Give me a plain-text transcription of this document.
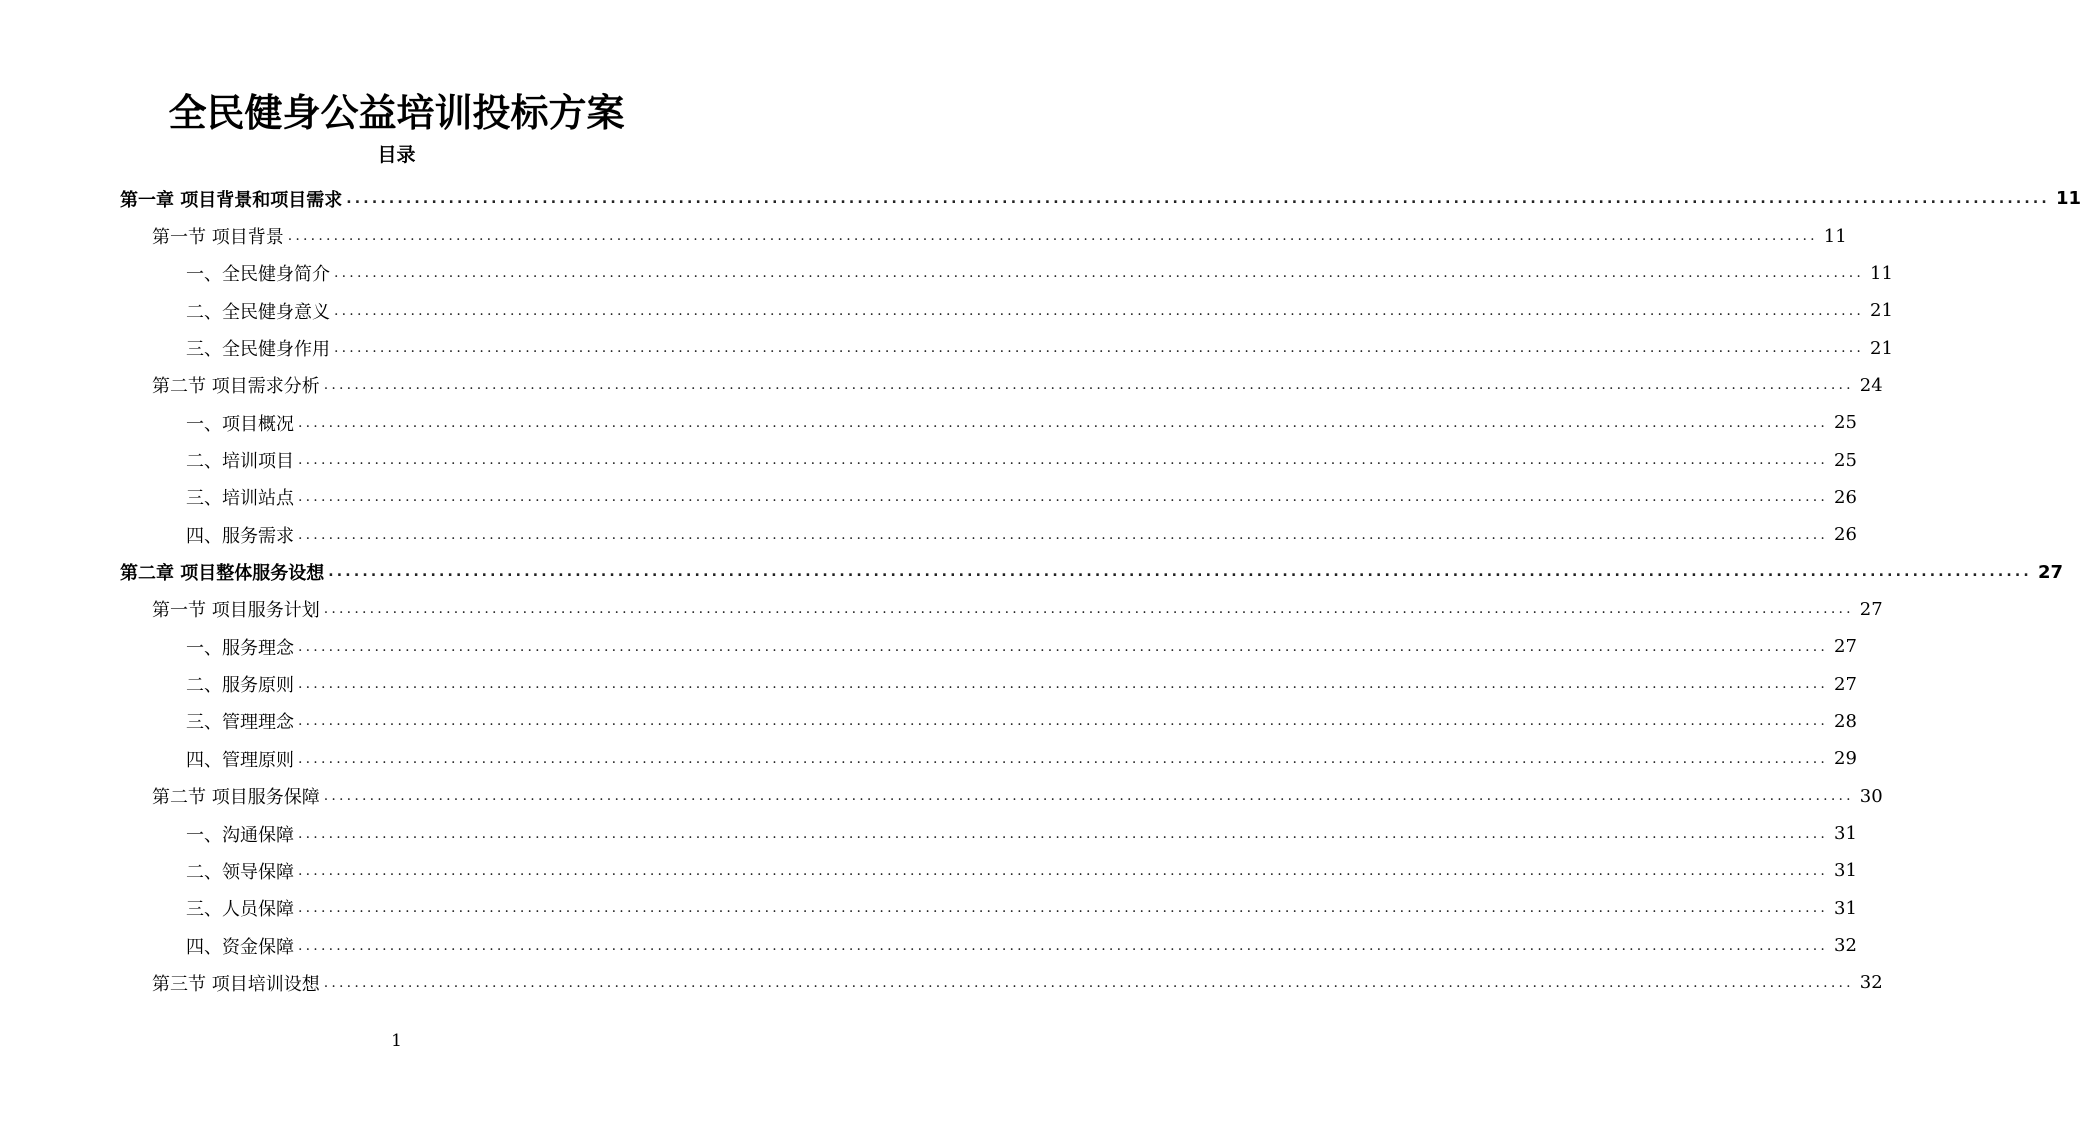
全民健身公益培训投标方案
目录
第一章 项目背景和项目需求 ........................................................................................................................................................................................................ 11
第一节 项目背景 ........................................................................................................................................................................................................ 11
一、全民健身简介 ........................................................................................................................................................................................................ 11
二、全民健身意义 ........................................................................................................................................................................................................ 21
三、全民健身作用 ........................................................................................................................................................................................................ 21
第二节 项目需求分析 ........................................................................................................................................................................................................ 24
一、项目概况 ........................................................................................................................................................................................................ 25
二、培训项目 ........................................................................................................................................................................................................ 25
三、培训站点 ........................................................................................................................................................................................................ 26
四、服务需求 ........................................................................................................................................................................................................ 26
第二章 项目整体服务设想 ........................................................................................................................................................................................................ 27
第一节 项目服务计划 ........................................................................................................................................................................................................ 27
一、服务理念 ........................................................................................................................................................................................................ 27
二、服务原则 ........................................................................................................................................................................................................ 27
三、管理理念 ........................................................................................................................................................................................................ 28
四、管理原则 ........................................................................................................................................................................................................ 29
第二节 项目服务保障 ........................................................................................................................................................................................................ 30
一、沟通保障 ........................................................................................................................................................................................................ 31
二、领导保障 ........................................................................................................................................................................................................ 31
三、人员保障 ........................................................................................................................................................................................................ 31
四、资金保障 ........................................................................................................................................................................................................ 32
第三节 项目培训设想 ........................................................................................................................................................................................................ 32
1
